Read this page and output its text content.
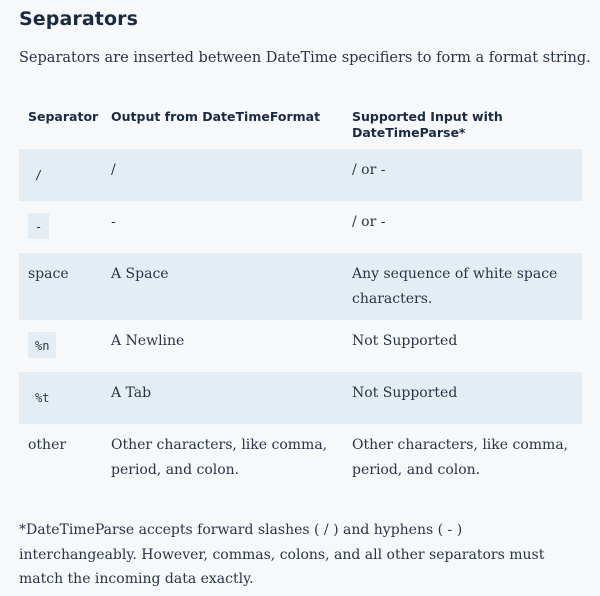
Separators

Separators are inserted between DateTime specifiers to form a format string.

Separator	Output from DateTimeFormat	Supported Input with DateTimeParse*
/	/	/ or -
-	-	/ or -
space	A Space	Any sequence of white space characters.
%n	A Newline	Not Supported
%t	A Tab	Not Supported
other	Other characters, like comma, period, and colon.	Other characters, like comma, period, and colon.

*DateTimeParse accepts forward slashes ( / ) and hyphens ( - ) interchangeably. However, commas, colons, and all other separators must match the incoming data exactly.
